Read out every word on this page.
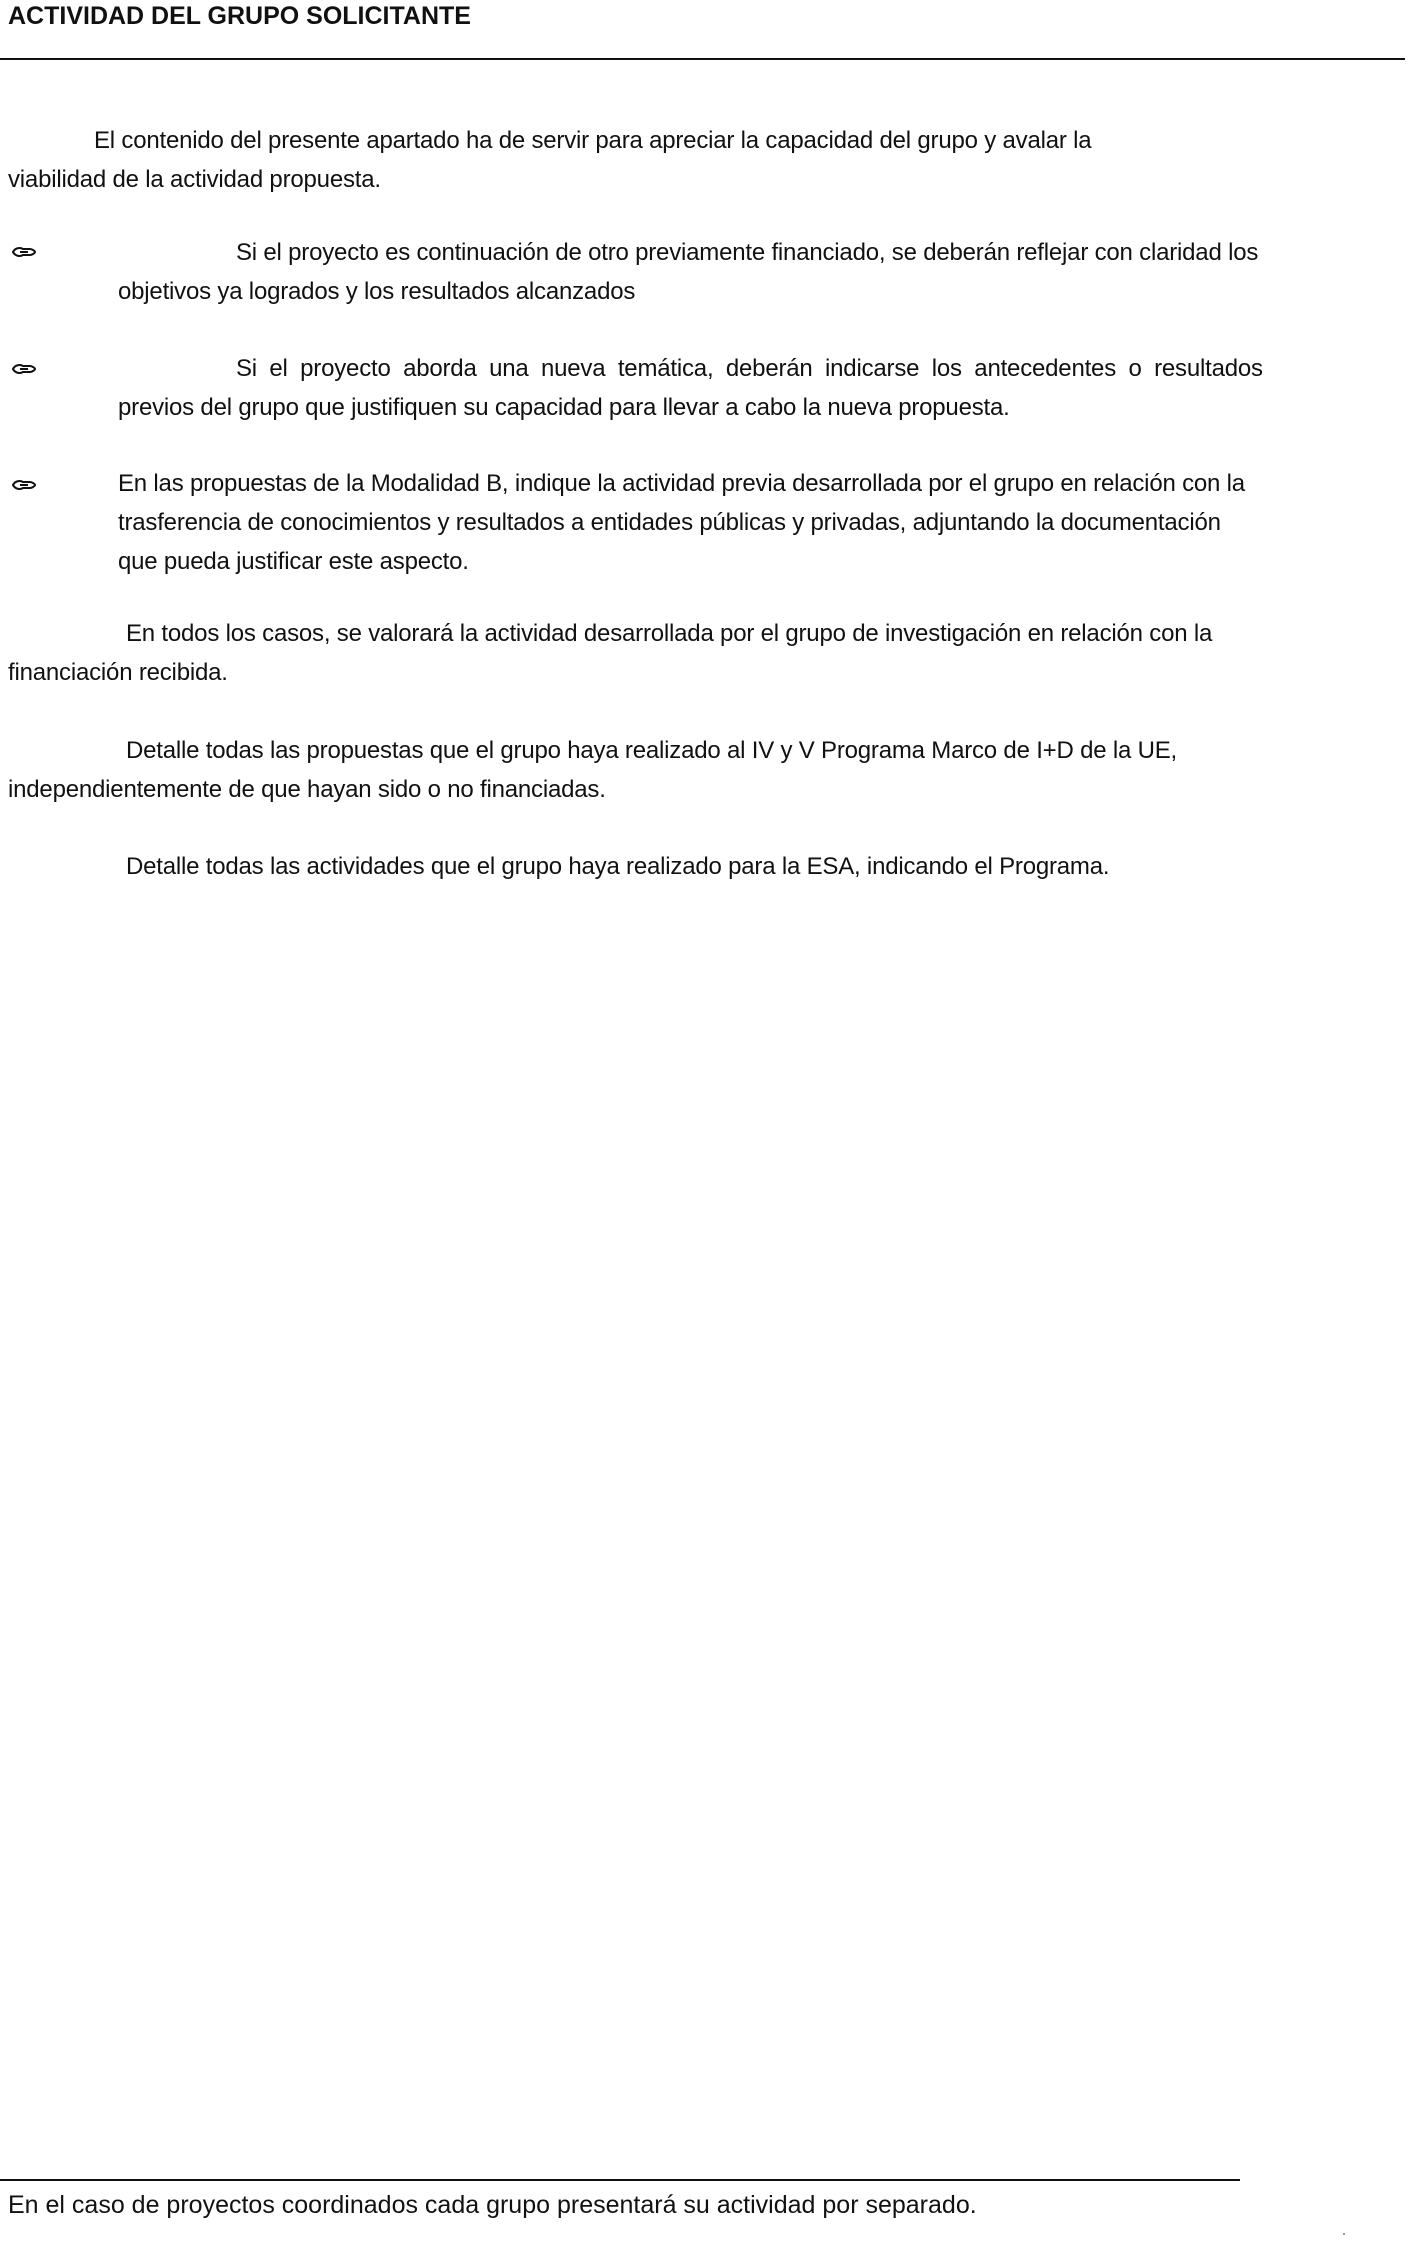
ACTIVIDAD DEL GRUPO SOLICITANTE
El contenido del presente apartado ha de servir para apreciar la capacidad del grupo y avalar la
viabilidad de la actividad propuesta.
Si el proyecto es continuación de otro previamente financiado, se deberán reflejar con claridad los
objetivos ya logrados y los resultados alcanzados
Si el proyecto aborda una nueva temática, deberán indicarse los antecedentes o resultados
previos del grupo que justifiquen su capacidad para llevar a cabo la nueva propuesta.
En las propuestas de la Modalidad B, indique la actividad previa desarrollada por el grupo en relación con la
trasferencia de conocimientos y resultados a entidades públicas y privadas, adjuntando la documentación
que pueda justificar este aspecto.
En todos los casos, se valorará la actividad desarrollada por el grupo de investigación en relación con la
financiación recibida.
Detalle todas las propuestas que el grupo haya realizado al IV y V Programa Marco de I+D de la UE,
independientemente de que hayan sido o no financiadas.
Detalle todas las actividades que el grupo haya realizado para la ESA, indicando el Programa.
En el caso de proyectos coordinados cada grupo presentará su actividad por separado.
